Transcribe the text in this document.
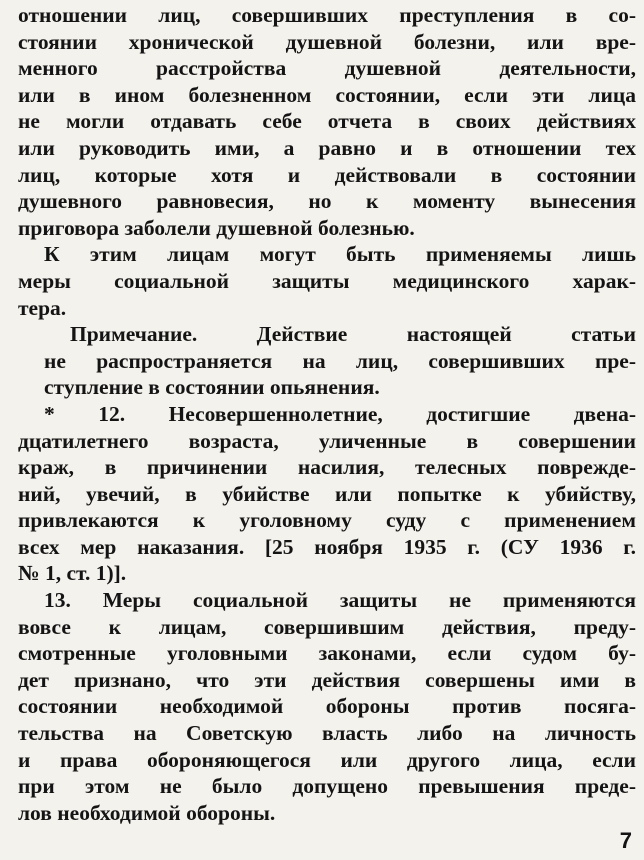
отношении лиц, совершивших преступления в со-
стоянии хронической душевной болезни, или вре-
менного расстройства душевной деятельности,
или в ином болезненном состоянии, если эти лица
не могли отдавать себе отчета в своих действиях
или руководить ими, а равно и в отношении тех
лиц, которые хотя и действовали в состоянии
душевного равновесия, но к моменту вынесения
приговора заболели душевной болезнью.
К этим лицам могут быть применяемы лишь
меры социальной защиты медицинского харак-
тера.
Примечание. Действие настоящей статьи
не распространяется на лиц, совершивших пре-
ступление в состоянии опьянения.
* 12. Несовершеннолетние, достигшие двена-
дцатилетнего возраста, уличенные в совершении
краж, в причинении насилия, телесных поврежде-
ний, увечий, в убийстве или попытке к убийству,
привлекаются к уголовному суду с применением
всех мер наказания. [25 ноября 1935 г. (СУ 1936 г.
№ 1, ст. 1)].
13. Меры социальной защиты не применяются
вовсе к лицам, совершившим действия, преду-
смотренные уголовными законами, если судом бу-
дет признано, что эти действия совершены ими в
состоянии необходимой обороны против посяга-
тельства на Советскую власть либо на личность
и права обороняющегося или другого лица, если
при этом не было допущено превышения преде-
лов необходимой обороны.
7
